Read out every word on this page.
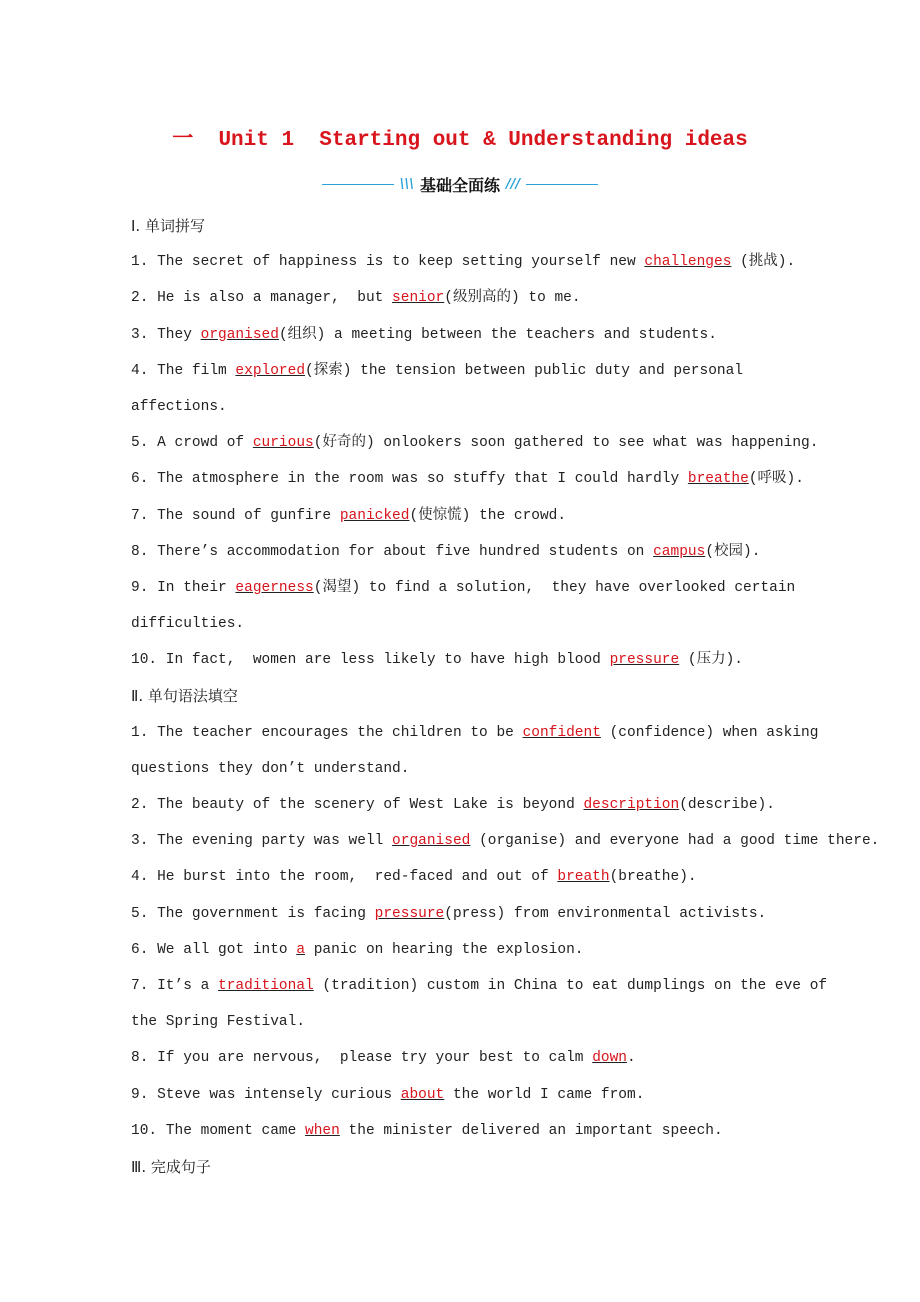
一  Unit 1  Starting out & Understanding ideas
\\\ 基础全面练 ///
Ⅰ. 单词拼写
1. The secret of happiness is to keep setting yourself new challenges (挑战).
2. He is also a manager,  but senior(级别高的) to me.
3. They organised(组织) a meeting between the teachers and students.
4. The film explored(探索) the tension between public duty and personal
affections.
5. A crowd of curious(好奇的) onlookers soon gathered to see what was happening.
6. The atmosphere in the room was so stuffy that I could hardly breathe(呼吸).
7. The sound of gunfire panicked(使惊慌) the crowd.
8. There’s accommodation for about five hundred students on campus(校园).
9. In their eagerness(渴望) to find a solution,  they have overlooked certain
difficulties.
10. In fact,  women are less likely to have high blood pressure (压力).
Ⅱ. 单句语法填空
1. The teacher encourages the children to be confident (confidence) when asking
questions they don’t understand.
2. The beauty of the scenery of West Lake is beyond description(describe).
3. The evening party was well organised (organise) and everyone had a good time there.
4. He burst into the room,  red-faced and out of breath(breathe).
5. The government is facing pressure(press) from environmental activists.
6. We all got into a panic on hearing the explosion.
7. It’s a traditional (tradition) custom in China to eat dumplings on the eve of
the Spring Festival.
8. If you are nervous,  please try your best to calm down.
9. Steve was intensely curious about the world I came from.
10. The moment came when the minister delivered an important speech.
Ⅲ. 完成句子
